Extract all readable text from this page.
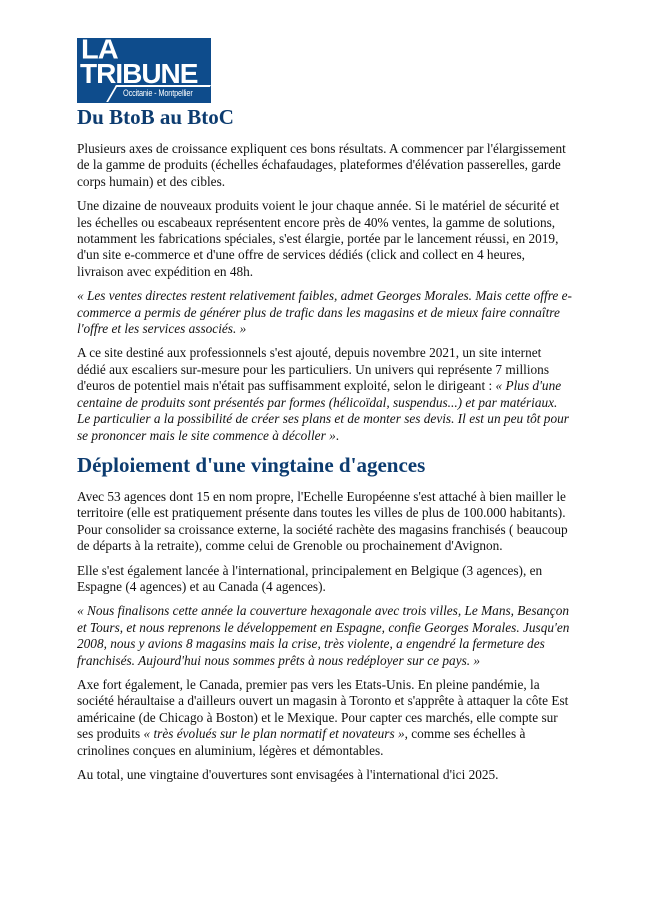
LA
TRIBUNE
Occitanie - Montpellier
Du BtoB au BtoC

Plusieurs axes de croissance expliquent ces bons résultats. A commencer par l'élargissement de la gamme de produits (échelles échafaudages, plateformes d'élévation passerelles, garde corps humain) et des cibles.

Une dizaine de nouveaux produits voient le jour chaque année. Si le matériel de sécurité et les échelles ou escabeaux représentent encore près de 40% ventes, la gamme de solutions, notamment les fabrications spéciales, s'est élargie, portée par le lancement réussi, en 2019, d'un site e-commerce et d'une offre de services dédiés (click and collect en 4 heures, livraison avec expédition en 48h.

« Les ventes directes restent relativement faibles, admet Georges Morales. Mais cette offre e-commerce a permis de générer plus de trafic dans les magasins et de mieux faire connaître l'offre et les services associés. »

A ce site destiné aux professionnels s'est ajouté, depuis novembre 2021, un site internet dédié aux escaliers sur-mesure pour les particuliers. Un univers qui représente 7 millions d'euros de potentiel mais n'était pas suffisamment exploité, selon le dirigeant : « Plus d'une centaine de produits sont présentés par formes (hélicoïdal, suspendus...) et par matériaux. Le particulier a la possibilité de créer ses plans et de monter ses devis. Il est un peu tôt pour se prononcer mais le site commence à décoller ».

Déploiement d'une vingtaine d'agences

Avec 53 agences dont 15 en nom propre, l'Echelle Européenne s'est attaché à bien mailler le territoire (elle est pratiquement présente dans toutes les villes de plus de 100.000 habitants). Pour consolider sa croissance externe, la société rachète des magasins franchisés ( beaucoup de départs à la retraite), comme celui de Grenoble ou prochainement d'Avignon.

Elle s'est également lancée à l'international, principalement en Belgique (3 agences), en Espagne (4 agences) et au Canada (4 agences).

« Nous finalisons cette année la couverture hexagonale avec trois villes, Le Mans, Besançon et Tours, et nous reprenons le développement en Espagne, confie Georges Morales. Jusqu'en 2008, nous y avions 8 magasins mais la crise, très violente, a engendré la fermeture des franchisés. Aujourd'hui nous sommes prêts à nous redéployer sur ce pays. »

Axe fort également, le Canada, premier pas vers les Etats-Unis. En pleine pandémie, la société héraultaise a d'ailleurs ouvert un magasin à Toronto et s'apprête à attaquer la côte Est américaine (de Chicago à Boston) et le Mexique. Pour capter ces marchés, elle compte sur ses produits « très évolués sur le plan normatif et novateurs », comme ses échelles à crinolines conçues en aluminium, légères et démontables.

Au total, une vingtaine d'ouvertures sont envisagées à l'international d'ici 2025.
